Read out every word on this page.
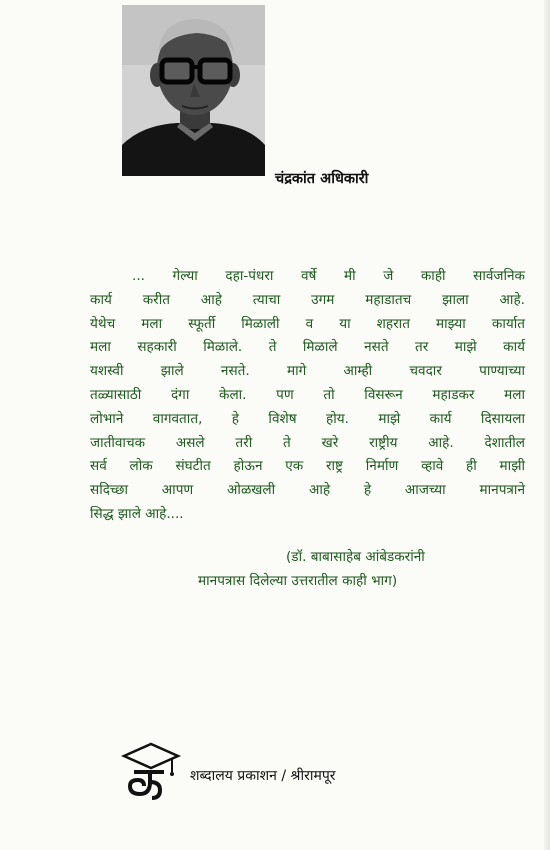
चंद्रकांत अधिकारी
... गेल्या दहा-पंधरा वर्षे मी जे काही सार्वजनिक
कार्य करीत आहे त्याचा उगम महाडातच झाला आहे.
येथेच मला स्फूर्ती मिळाली व या शहरात माझ्या कार्यात
मला सहकारी मिळाले. ते मिळाले नसते तर माझे कार्य
यशस्वी झाले नसते. मागे आम्ही चवदार पाण्याच्या
तळ्यासाठी दंगा केला. पण तो विसरून महाडकर मला
लोभाने वागवतात, हे विशेष होय. माझे कार्य दिसायला
जातीवाचक असले तरी ते खरे राष्ट्रीय आहे. देशातील
सर्व लोक संघटीत होऊन एक राष्ट्र निर्माण व्हावे ही माझी
सदिच्छा आपण ओळखली आहे हे आजच्या मानपत्राने
सिद्ध झाले आहे....
(डॉ. बाबासाहेब आंबेडकरांनी
मानपत्रास दिलेल्या उत्तरातील काही भाग)
शब्दालय प्रकाशन / श्रीरामपूर
